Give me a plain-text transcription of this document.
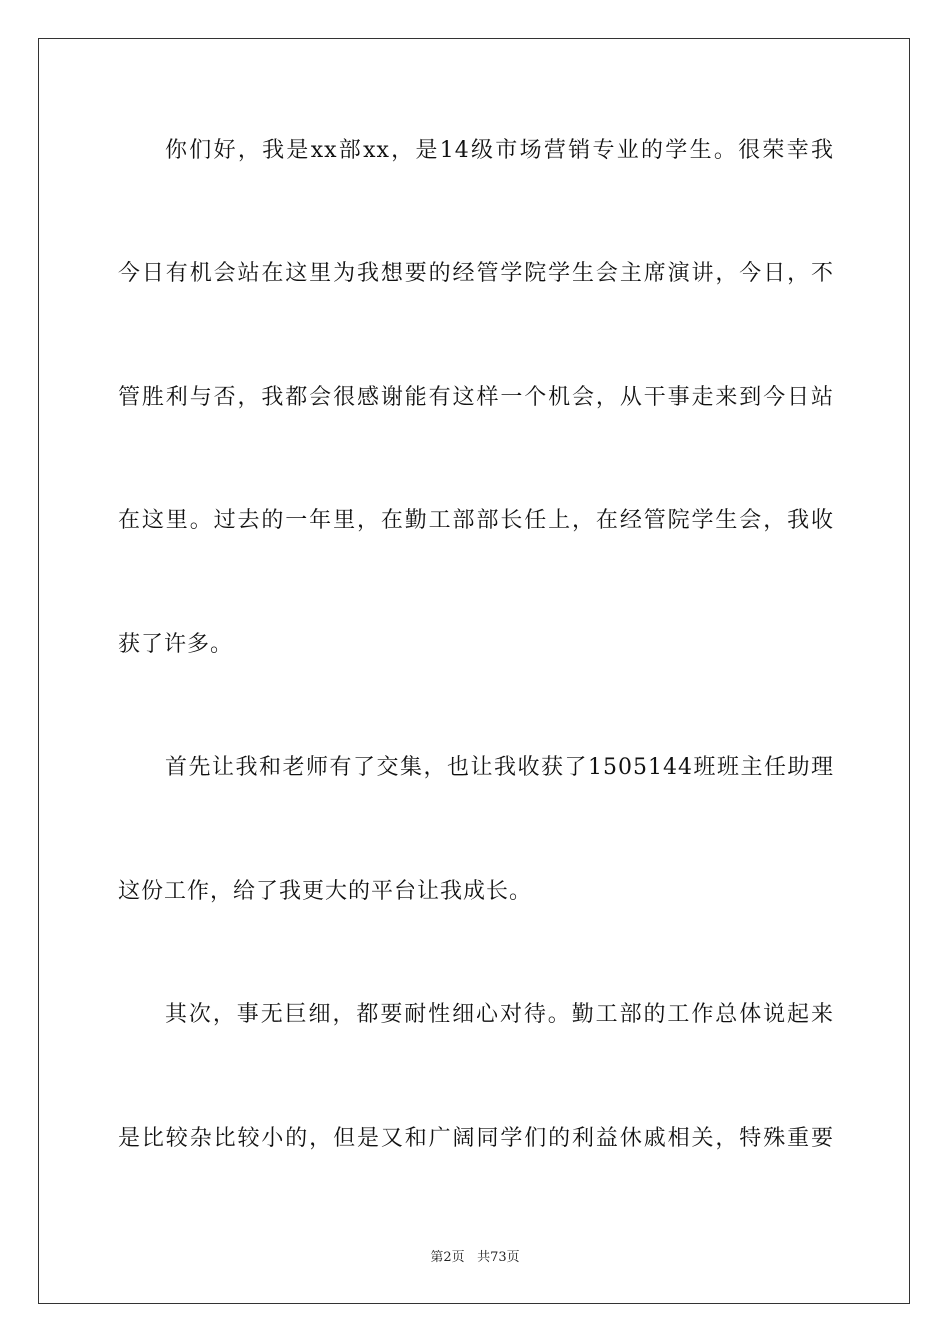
你们好，我是xx部xx，是14级市场营销专业的学生。很荣幸我
今日有机会站在这里为我想要的经管学院学生会主席演讲，今日，不
管胜利与否，我都会很感谢能有这样一个机会，从干事走来到今日站
在这里。过去的一年里，在勤工部部长任上，在经管院学生会，我收
获了许多。
首先让我和老师有了交集，也让我收获了1505144班班主任助理
这份工作，给了我更大的平台让我成长。
其次，事无巨细，都要耐性细心对待。勤工部的工作总体说起来
是比较杂比较小的，但是又和广阔同学们的利益休戚相关，特殊重要
第2页 共73页
